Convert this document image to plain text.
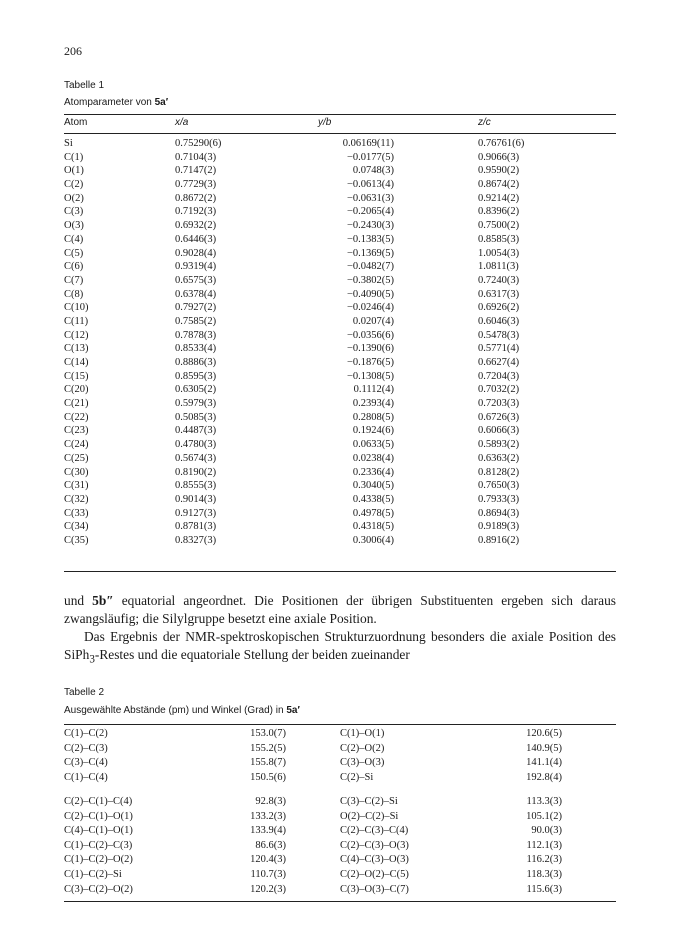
206
Tabelle 1
Atomparameter von 5a′
Atom	x/a	y/b	z/c
Si	0.75290(6)	0.06169(11)	0.76761(6)
C(1)	0.7104(3)	−0.0177(5)	0.9066(3)
O(1)	0.7147(2)	0.0748(3)	0.9590(2)
C(2)	0.7729(3)	−0.0613(4)	0.8674(2)
O(2)	0.8672(2)	−0.0631(3)	0.9214(2)
C(3)	0.7192(3)	−0.2065(4)	0.8396(2)
O(3)	0.6932(2)	−0.2430(3)	0.7500(2)
C(4)	0.6446(3)	−0.1383(5)	0.8585(3)
C(5)	0.9028(4)	−0.1369(5)	1.0054(3)
C(6)	0.9319(4)	−0.0482(7)	1.0811(3)
C(7)	0.6575(3)	−0.3802(5)	0.7240(3)
C(8)	0.6378(4)	−0.4090(5)	0.6317(3)
C(10)	0.7927(2)	−0.0246(4)	0.6926(2)
C(11)	0.7585(2)	0.0207(4)	0.6046(3)
C(12)	0.7878(3)	−0.0356(6)	0.5478(3)
C(13)	0.8533(4)	−0.1390(6)	0.5771(4)
C(14)	0.8886(3)	−0.1876(5)	0.6627(4)
C(15)	0.8595(3)	−0.1308(5)	0.7204(3)
C(20)	0.6305(2)	0.1112(4)	0.7032(2)
C(21)	0.5979(3)	0.2393(4)	0.7203(3)
C(22)	0.5085(3)	0.2808(5)	0.6726(3)
C(23)	0.4487(3)	0.1924(6)	0.6066(3)
C(24)	0.4780(3)	0.0633(5)	0.5893(2)
C(25)	0.5674(3)	0.0238(4)	0.6363(2)
C(30)	0.8190(2)	0.2336(4)	0.8128(2)
C(31)	0.8555(3)	0.3040(5)	0.7650(3)
C(32)	0.9014(3)	0.4338(5)	0.7933(3)
C(33)	0.9127(3)	0.4978(5)	0.8694(3)
C(34)	0.8781(3)	0.4318(5)	0.9189(3)
C(35)	0.8327(3)	0.3006(4)	0.8916(2)

und 5b″ equatorial angeordnet. Die Positionen der übrigen Substituenten ergeben sich daraus zwangsläufig; die Silylgruppe besetzt eine axiale Position.

Das Ergebnis der NMR-spektroskopischen Strukturzuordnung besonders die axiale Position des SiPh$_3$-Restes und die equatoriale Stellung der beiden zueinander

Tabelle 2
Ausgewählte Abstände (pm) und Winkel (Grad) in 5a′
C(1)–C(2)	153.0(7)	C(1)–O(1)	120.6(5)
C(2)–C(3)	155.2(5)	C(2)–O(2)	140.9(5)
C(3)–C(4)	155.8(7)	C(3)–O(3)	141.1(4)
C(1)–C(4)	150.5(6)	C(2)–Si	192.8(4)
C(2)–C(1)–C(4)	92.8(3)	C(3)–C(2)–Si	113.3(3)
C(2)–C(1)–O(1)	133.2(3)	O(2)–C(2)–Si	105.1(2)
C(4)–C(1)–O(1)	133.9(4)	C(2)–C(3)–C(4)	90.0(3)
C(1)–C(2)–C(3)	86.6(3)	C(2)–C(3)–O(3)	112.1(3)
C(1)–C(2)–O(2)	120.4(3)	C(4)–C(3)–O(3)	116.2(3)
C(1)–C(2)–Si	110.7(3)	C(2)–O(2)–C(5)	118.3(3)
C(3)–C(2)–O(2)	120.2(3)	C(3)–O(3)–C(7)	115.6(3)
